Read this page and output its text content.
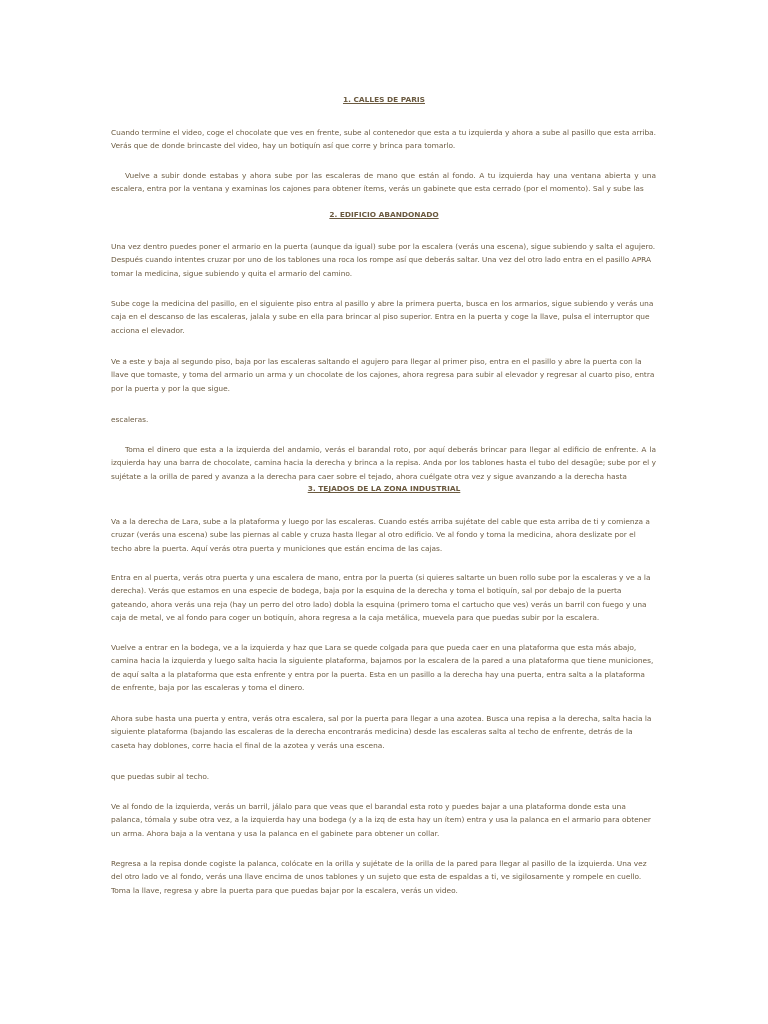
1. CALLES DE PARIS

Cuando termine el video, coge el chocolate que ves en frente, sube al contenedor que esta a tu izquierda y ahora a sube al pasillo que esta arriba. Verás que de donde brincaste del video, hay un botiquín así que corre y brinca para tomarlo.

Vuelve a subir donde estabas y ahora sube por las escaleras de mano que están al fondo. A tu izquierda hay una ventana abierta y una escalera, entra por la ventana y examinas los cajones para obtener ítems, verás un gabinete que esta cerrado (por el momento). Sal y sube las

2. EDIFICIO ABANDONADO

Una vez dentro puedes poner el armario en la puerta (aunque da igual) sube por la escalera (verás una escena), sigue subiendo y salta el agujero. Después cuando intentes cruzar por uno de los tablones una roca los rompe así que deberás saltar. Una vez del otro lado entra en el pasillo APRA tomar la medicina, sigue subiendo y quita el armario del camino.

Sube coge la medicina del pasillo, en el siguiente piso entra al pasillo y abre la primera puerta, busca en los armarios, sigue subiendo y verás una caja en el descanso de las escaleras, jalala y sube en ella para brincar al piso superior. Entra en la puerta y coge la llave, pulsa el interruptor que acciona el elevador.

Ve a este y baja al segundo piso, baja por las escaleras saltando el agujero para llegar al primer piso, entra en el pasillo y abre la puerta con la llave que tomaste, y toma del armario un arma y un chocolate de los cajones, ahora regresa para subir al elevador y regresar al cuarto piso, entra por la puerta y por la que sigue.

escaleras.

Toma el dinero que esta a la izquierda del andamio, verás el barandal roto, por aquí deberás brincar para llegar al edificio de enfrente. A la izquierda hay una barra de chocolate, camina hacia la derecha y brinca a la repisa. Anda por los tablones hasta el tubo del desagüe; sube por el y sujétate a la orilla de pared y avanza a la derecha para caer sobre el tejado, ahora cuélgate otra vez y sigue avanzando a la derecha hasta

3. TEJADOS DE LA ZONA INDUSTRIAL

Va a la derecha de Lara, sube a la plataforma y luego por las escaleras. Cuando estés arriba sujétate del cable que esta arriba de ti y comienza a cruzar (verás una escena) sube las piernas al cable y cruza hasta llegar al otro edificio. Ve al fondo y toma la medicina, ahora deslizate por el techo abre la puerta. Aquí verás otra puerta y municiones que están encima de las cajas.

Entra en al puerta, verás otra puerta y una escalera de mano, entra por la puerta (si quieres saltarte un buen rollo sube por la escaleras y ve a la derecha). Verás que estamos en una especie de bodega, baja por la esquina de la derecha y toma el botiquín, sal por debajo de la puerta gateando, ahora verás una reja (hay un perro del otro lado) dobla la esquina (primero toma el cartucho que ves) verás un barril con fuego y una caja de metal, ve al fondo para coger un botiquín, ahora regresa a la caja metálica, muevela para que puedas subir por la escalera.

Vuelve a entrar en la bodega, ve a la izquierda y haz que Lara se quede colgada para que pueda caer en una plataforma que esta más abajo, camina hacia la izquierda y luego salta hacia la siguiente plataforma, bajamos por la escalera de la pared a una plataforma que tiene municiones, de aquí salta a la plataforma que esta enfrente y entra por la puerta. Esta en un pasillo a la derecha hay una puerta, entra salta a la plataforma de enfrente, baja por las escaleras y toma el dinero.

Ahora sube hasta una puerta y entra, verás otra escalera, sal por la puerta para llegar a una azotea. Busca una repisa a la derecha, salta hacia la siguiente plataforma (bajando las escaleras de la derecha encontrarás medicina) desde las escaleras salta al techo de enfrente, detrás de la caseta hay doblones, corre hacia el final de la azotea y verás una escena.

que puedas subir al techo.

Ve al fondo de la izquierda, verás un barril, jálalo para que veas que el barandal esta roto y puedes bajar a una plataforma donde esta una palanca, tómala y sube otra vez, a la izquierda hay una bodega (y a la izq de esta hay un ítem) entra y usa la palanca en el armario para obtener un arma. Ahora baja a la ventana y usa la palanca en el gabinete para obtener un collar.

Regresa a la repisa donde cogiste la palanca, colócate en la orilla y sujétate de la orilla de la pared para llegar al pasillo de la izquierda. Una vez del otro lado ve al fondo, verás una llave encima de unos tablones y un sujeto que esta de espaldas a ti, ve sigilosamente y rompele en cuello. Toma la llave, regresa y abre la puerta para que puedas bajar por la escalera, verás un video.
